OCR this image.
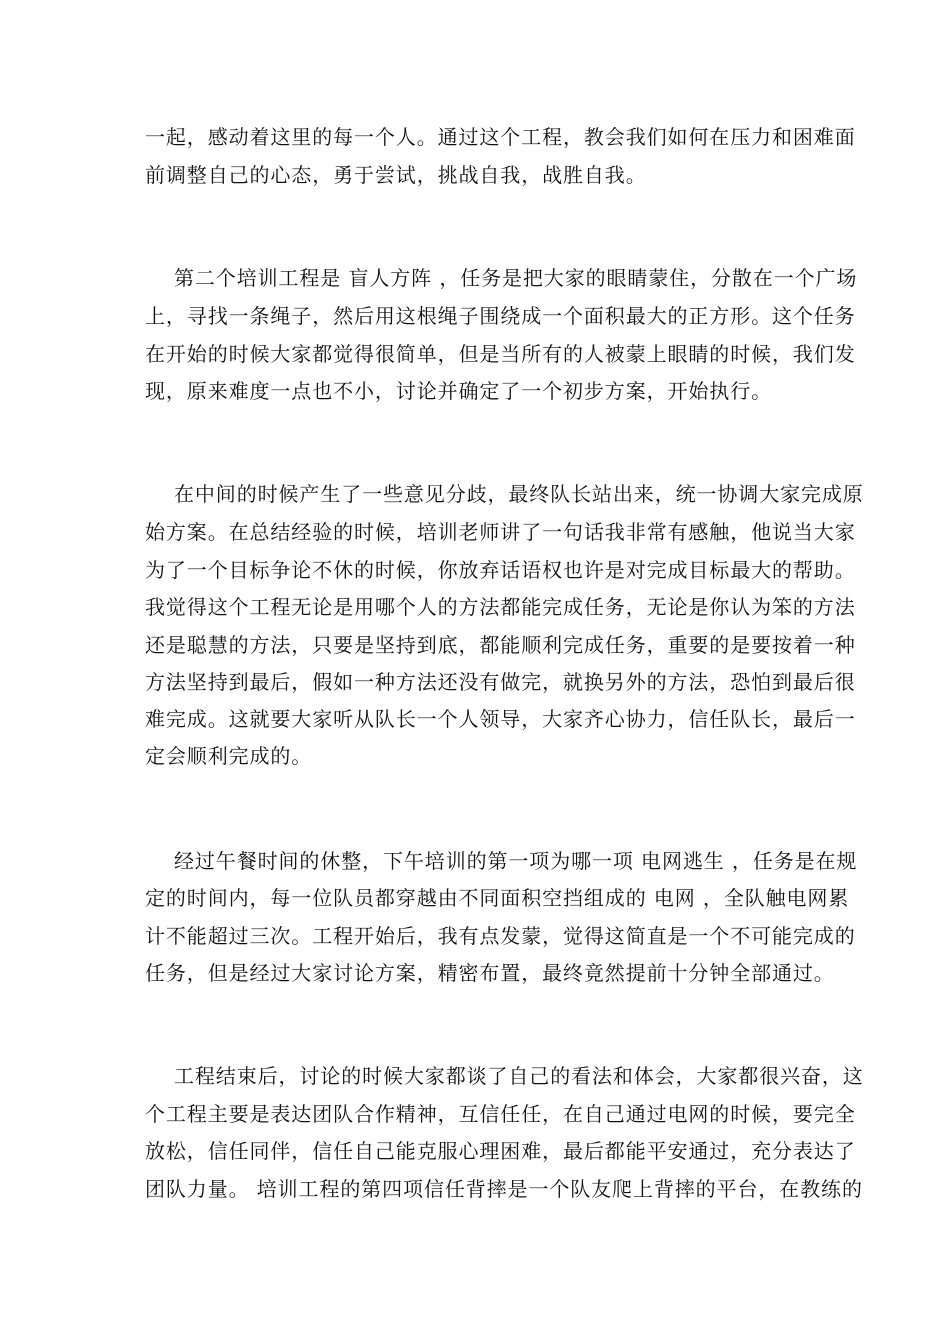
一起，感动着这里的每一个人。通过这个工程，教会我们如何在压力和困难面
前调整自己的心态，勇于尝试，挑战自我，战胜自我。
第二个培训工程是 盲人方阵 ，任务是把大家的眼睛蒙住，分散在一个广场
上，寻找一条绳子，然后用这根绳子围绕成一个面积最大的正方形。这个任务
在开始的时候大家都觉得很简单，但是当所有的人被蒙上眼睛的时候，我们发
现，原来难度一点也不小，讨论并确定了一个初步方案，开始执行。
在中间的时候产生了一些意见分歧，最终队长站出来，统一协调大家完成原
始方案。在总结经验的时候，培训老师讲了一句话我非常有感触，他说当大家
为了一个目标争论不休的时候，你放弃话语权也许是对完成目标最大的帮助。
我觉得这个工程无论是用哪个人的方法都能完成任务，无论是你认为笨的方法
还是聪慧的方法，只要是坚持到底，都能顺利完成任务，重要的是要按着一种
方法坚持到最后，假如一种方法还没有做完，就换另外的方法，恐怕到最后很
难完成。这就要大家听从队长一个人领导，大家齐心协力，信任队长，最后一
定会顺利完成的。
经过午餐时间的休整，下午培训的第一项为哪一项 电网逃生 ，任务是在规
定的时间内，每一位队员都穿越由不同面积空挡组成的 电网 ，全队触电网累
计不能超过三次。工程开始后，我有点发蒙，觉得这简直是一个不可能完成的
任务，但是经过大家讨论方案，精密布置，最终竟然提前十分钟全部通过。
工程结束后，讨论的时候大家都谈了自己的看法和体会，大家都很兴奋，这
个工程主要是表达团队合作精神，互信任任，在自己通过电网的时候，要完全
放松，信任同伴，信任自己能克服心理困难，最后都能平安通过，充分表达了
团队力量。 培训工程的第四项信任背摔是一个队友爬上背摔的平台，在教练的
